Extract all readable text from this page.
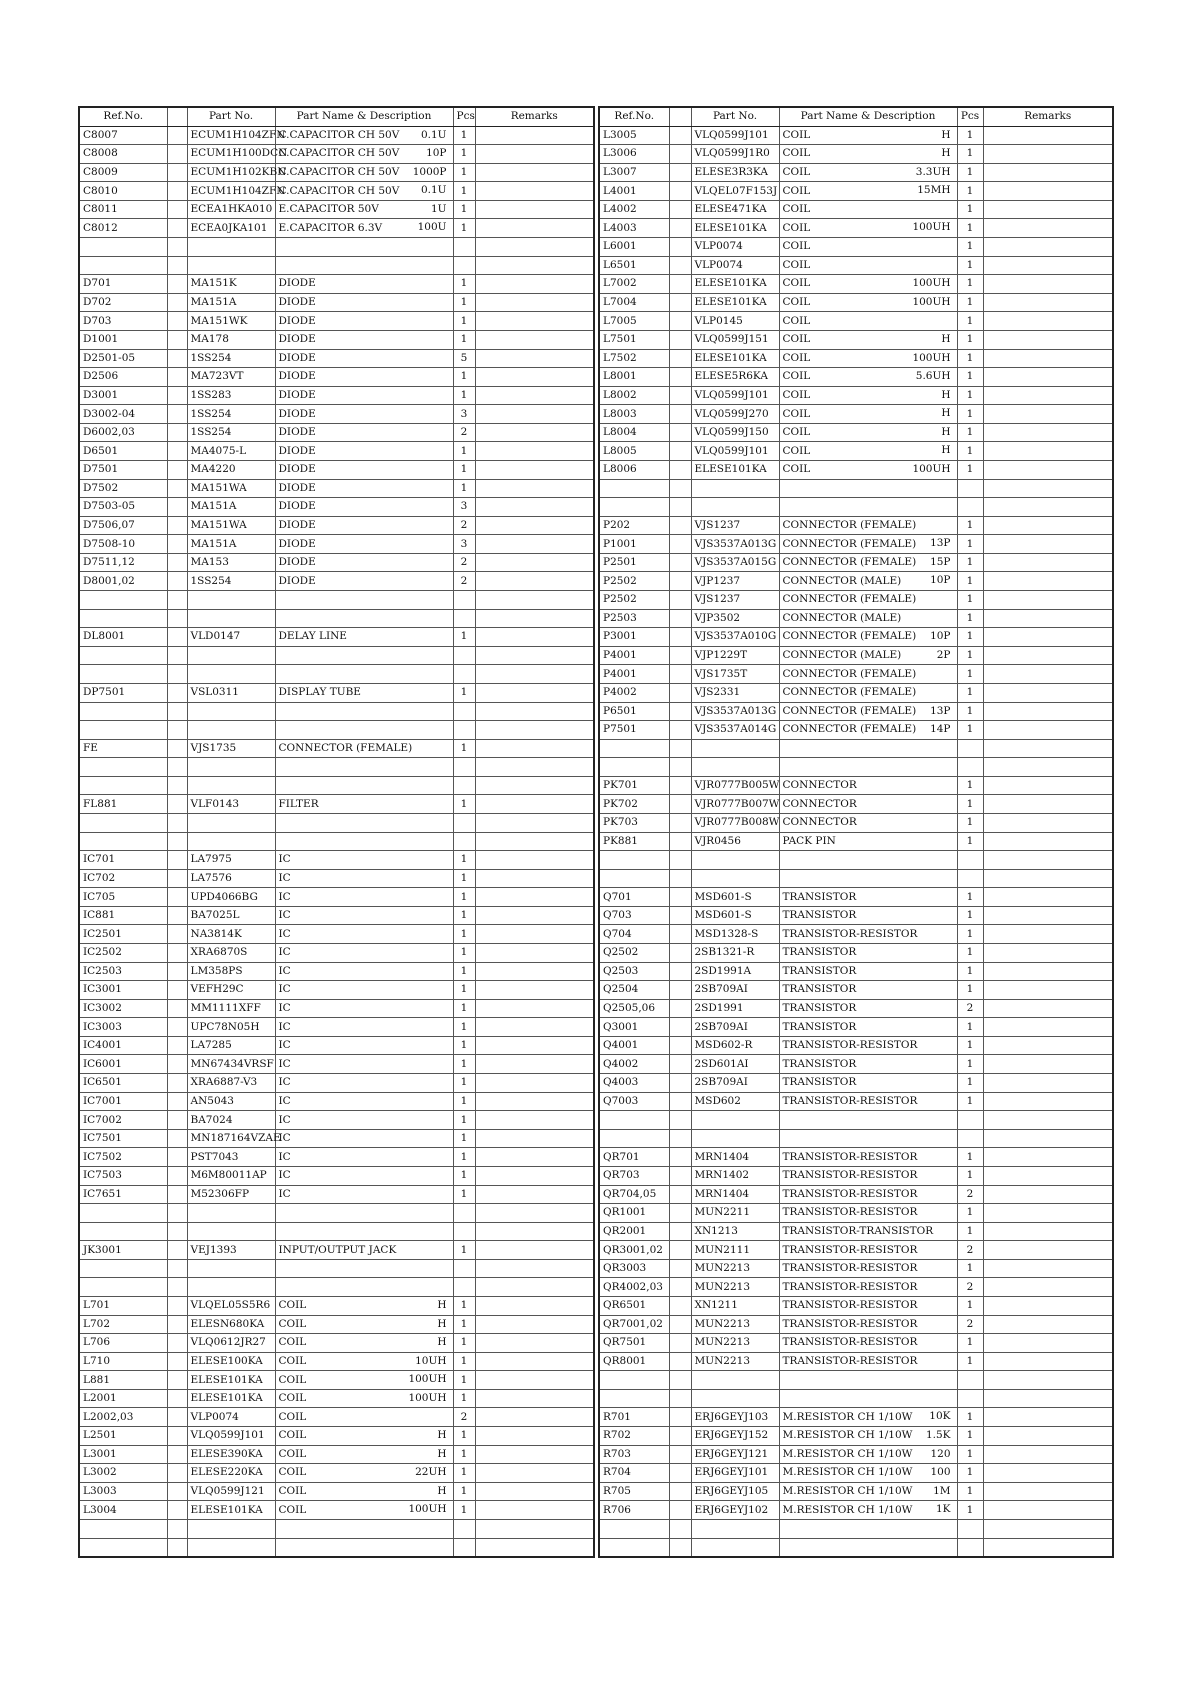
Ref.No.		Part No.	Part Name & Description	Pcs	Remarks
C8007		ECUM1H104ZFN	C.CAPACITOR CH 50V 0.1U	1	
C8008		ECUM1H100DCN	C.CAPACITOR CH 50V 10P	1	
C8009		ECUM1H102KBN	C.CAPACITOR CH 50V 1000P	1	
C8010		ECUM1H104ZFN	C.CAPACITOR CH 50V 0.1U	1	
C8011		ECEA1HKA010	E.CAPACITOR 50V 1U	1	
C8012		ECEA0JKA101	E.CAPACITOR 6.3V 100U	1	

D701		MA151K	DIODE	1	
D702		MA151A	DIODE	1	
D703		MA151WK	DIODE	1	
D1001		MA178	DIODE	1	
D2501-05		1SS254	DIODE	5	
D2506		MA723VT	DIODE	1	
D3001		1SS283	DIODE	1	
D3002-04		1SS254	DIODE	3	
D6002,03		1SS254	DIODE	2	
D6501		MA4075-L	DIODE	1	
D7501		MA4220	DIODE	1	
D7502		MA151WA	DIODE	1	
D7503-05		MA151A	DIODE	3	
D7506,07		MA151WA	DIODE	2	
D7508-10		MA151A	DIODE	3	
D7511,12		MA153	DIODE	2	
D8001,02		1SS254	DIODE	2	

DL8001		VLD0147	DELAY LINE	1	

DP7501		VSL0311	DISPLAY TUBE	1	

FE		VJS1735	CONNECTOR (FEMALE)	1	

FL881		VLF0143	FILTER	1	

IC701		LA7975	IC	1	
IC702		LA7576	IC	1	
IC705		UPD4066BG	IC	1	
IC881		BA7025L	IC	1	
IC2501		NA3814K	IC	1	
IC2502		XRA6870S	IC	1	
IC2503		LM358PS	IC	1	
IC3001		VEFH29C	IC	1	
IC3002		MM1111XFF	IC	1	
IC3003		UPC78N05H	IC	1	
IC4001		LA7285	IC	1	
IC6001		MN67434VRSF	IC	1	
IC6501		XRA6887-V3	IC	1	
IC7001		AN5043	IC	1	
IC7002		BA7024	IC	1	
IC7501		MN187164VZAE	IC	1	
IC7502		PST7043	IC	1	
IC7503		M6M80011AP	IC	1	
IC7651		M52306FP	IC	1	

JK3001		VEJ1393	INPUT/OUTPUT JACK	1	

L701		VLQEL05S5R6	COIL H	1	
L702		ELESN680KA	COIL H	1	
L706		VLQ0612JR27	COIL H	1	
L710		ELESE100KA	COIL 10UH	1	
L881		ELESE101KA	COIL 100UH	1	
L2001		ELESE101KA	COIL 100UH	1	
L2002,03		VLP0074	COIL	2	
L2501		VLQ0599J101	COIL H	1	
L3001		ELESE390KA	COIL H	1	
L3002		ELESE220KA	COIL 22UH	1	
L3003		VLQ0599J121	COIL H	1	
L3004		ELESE101KA	COIL 100UH	1	

Ref.No.		Part No.	Part Name & Description	Pcs	Remarks
L3005		VLQ0599J101	COIL H	1	
L3006		VLQ0599J1R0	COIL H	1	
L3007		ELESE3R3KA	COIL 3.3UH	1	
L4001		VLQEL07F153J	COIL 15MH	1	
L4002		ELESE471KA	COIL	1	
L4003		ELESE101KA	COIL 100UH	1	
L6001		VLP0074	COIL	1	
L6501		VLP0074	COIL	1	
L7002		ELESE101KA	COIL 100UH	1	
L7004		ELESE101KA	COIL 100UH	1	
L7005		VLP0145	COIL	1	
L7501		VLQ0599J151	COIL H	1	
L7502		ELESE101KA	COIL 100UH	1	
L8001		ELESE5R6KA	COIL 5.6UH	1	
L8002		VLQ0599J101	COIL H	1	
L8003		VLQ0599J270	COIL H	1	
L8004		VLQ0599J150	COIL H	1	
L8005		VLQ0599J101	COIL H	1	
L8006		ELESE101KA	COIL 100UH	1	

P202		VJS1237	CONNECTOR (FEMALE)	1	
P1001		VJS3537A013G	CONNECTOR (FEMALE) 13P	1	
P2501		VJS3537A015G	CONNECTOR (FEMALE) 15P	1	
P2502		VJP1237	CONNECTOR (MALE) 10P	1	
P2502		VJS1237	CONNECTOR (FEMALE)	1	
P2503		VJP3502	CONNECTOR (MALE)	1	
P3001		VJS3537A010G	CONNECTOR (FEMALE) 10P	1	
P4001		VJP1229T	CONNECTOR (MALE) 2P	1	
P4001		VJS1735T	CONNECTOR (FEMALE)	1	
P4002		VJS2331	CONNECTOR (FEMALE)	1	
P6501		VJS3537A013G	CONNECTOR (FEMALE) 13P	1	
P7501		VJS3537A014G	CONNECTOR (FEMALE) 14P	1	

PK701		VJR0777B005W	CONNECTOR	1	
PK702		VJR0777B007W	CONNECTOR	1	
PK703		VJR0777B008W	CONNECTOR	1	
PK881		VJR0456	PACK PIN	1	

Q701		MSD601-S	TRANSISTOR	1	
Q703		MSD601-S	TRANSISTOR	1	
Q704		MSD1328-S	TRANSISTOR-RESISTOR	1	
Q2502		2SB1321-R	TRANSISTOR	1	
Q2503		2SD1991A	TRANSISTOR	1	
Q2504		2SB709AI	TRANSISTOR	1	
Q2505,06		2SD1991	TRANSISTOR	2	
Q3001		2SB709AI	TRANSISTOR	1	
Q4001		MSD602-R	TRANSISTOR-RESISTOR	1	
Q4002		2SD601AI	TRANSISTOR	1	
Q4003		2SB709AI	TRANSISTOR	1	
Q7003		MSD602	TRANSISTOR-RESISTOR	1	

QR701		MRN1404	TRANSISTOR-RESISTOR	1	
QR703		MRN1402	TRANSISTOR-RESISTOR	1	
QR704,05		MRN1404	TRANSISTOR-RESISTOR	2	
QR1001		MUN2211	TRANSISTOR-RESISTOR	1	
QR2001		XN1213	TRANSISTOR-TRANSISTOR	1	
QR3001,02		MUN2111	TRANSISTOR-RESISTOR	2	
QR3003		MUN2213	TRANSISTOR-RESISTOR	1	
QR4002,03		MUN2213	TRANSISTOR-RESISTOR	2	
QR6501		XN1211	TRANSISTOR-RESISTOR	1	
QR7001,02		MUN2213	TRANSISTOR-RESISTOR	2	
QR7501		MUN2213	TRANSISTOR-RESISTOR	1	
QR8001		MUN2213	TRANSISTOR-RESISTOR	1	

R701		ERJ6GEYJ103	M.RESISTOR CH 1/10W 10K	1	
R702		ERJ6GEYJ152	M.RESISTOR CH 1/10W 1.5K	1	
R703		ERJ6GEYJ121	M.RESISTOR CH 1/10W 120	1	
R704		ERJ6GEYJ101	M.RESISTOR CH 1/10W 100	1	
R705		ERJ6GEYJ105	M.RESISTOR CH 1/10W 1M	1	
R706		ERJ6GEYJ102	M.RESISTOR CH 1/10W 1K	1	
